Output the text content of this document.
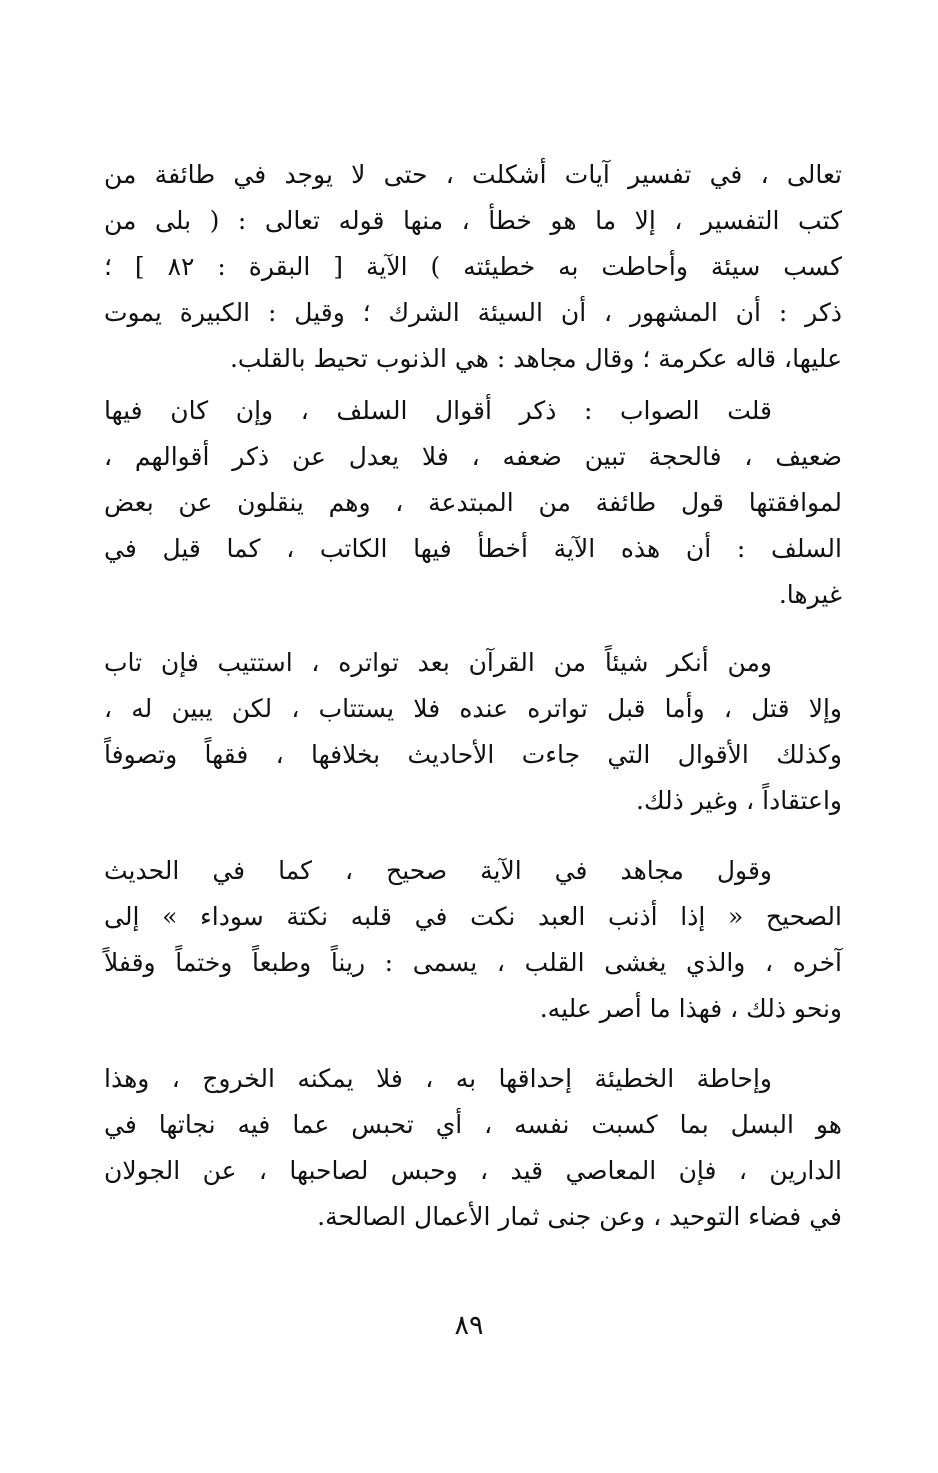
تعالى ، في تفسير آيات أشكلت ، حتى لا يوجد في طائفة من
كتب التفسير ، إلا ما هو خطأ ، منها قوله تعالى : ( بلى من
كسب سيئة وأحاطت به خطيئته ) الآية [ البقرة : ٨٢ ] ؛
ذكر : أن المشهور ، أن السيئة الشرك ؛ وقيل : الكبيرة يموت
عليها، قاله عكرمة ؛ وقال مجاهد : هي الذنوب تحيط بالقلب.

قلت الصواب : ذكر أقوال السلف ، وإن كان فيها
ضعيف ، فالحجة تبين ضعفه ، فلا يعدل عن ذكر أقوالهم ،
لموافقتها قول طائفة من المبتدعة ، وهم ينقلون عن بعض
السلف : أن هذه الآية أخطأ فيها الكاتب ، كما قيل في
غيرها.

ومن أنكر شيئاً من القرآن بعد تواتره ، استتيب فإن تاب
وإلا قتل ، وأما قبل تواتره عنده فلا يستتاب ، لكن يبين له ،
وكذلك الأقوال التي جاءت الأحاديث بخلافها ، فقهاً وتصوفاً
واعتقاداً ، وغير ذلك.

وقول مجاهد في الآية صحيح ، كما في الحديث
الصحيح « إذا أذنب العبد نكت في قلبه نكتة سوداء » إلى
آخره ، والذي يغشى القلب ، يسمى : ريناً وطبعاً وختماً وقفلاً
ونحو ذلك ، فهذا ما أصر عليه.

وإحاطة الخطيئة إحداقها به ، فلا يمكنه الخروج ، وهذا
هو البسل بما كسبت نفسه ، أي تحبس عما فيه نجاتها في
الدارين ، فإن المعاصي قيد ، وحبس لصاحبها ، عن الجولان
في فضاء التوحيد ، وعن جنى ثمار الأعمال الصالحة.

٨٩
